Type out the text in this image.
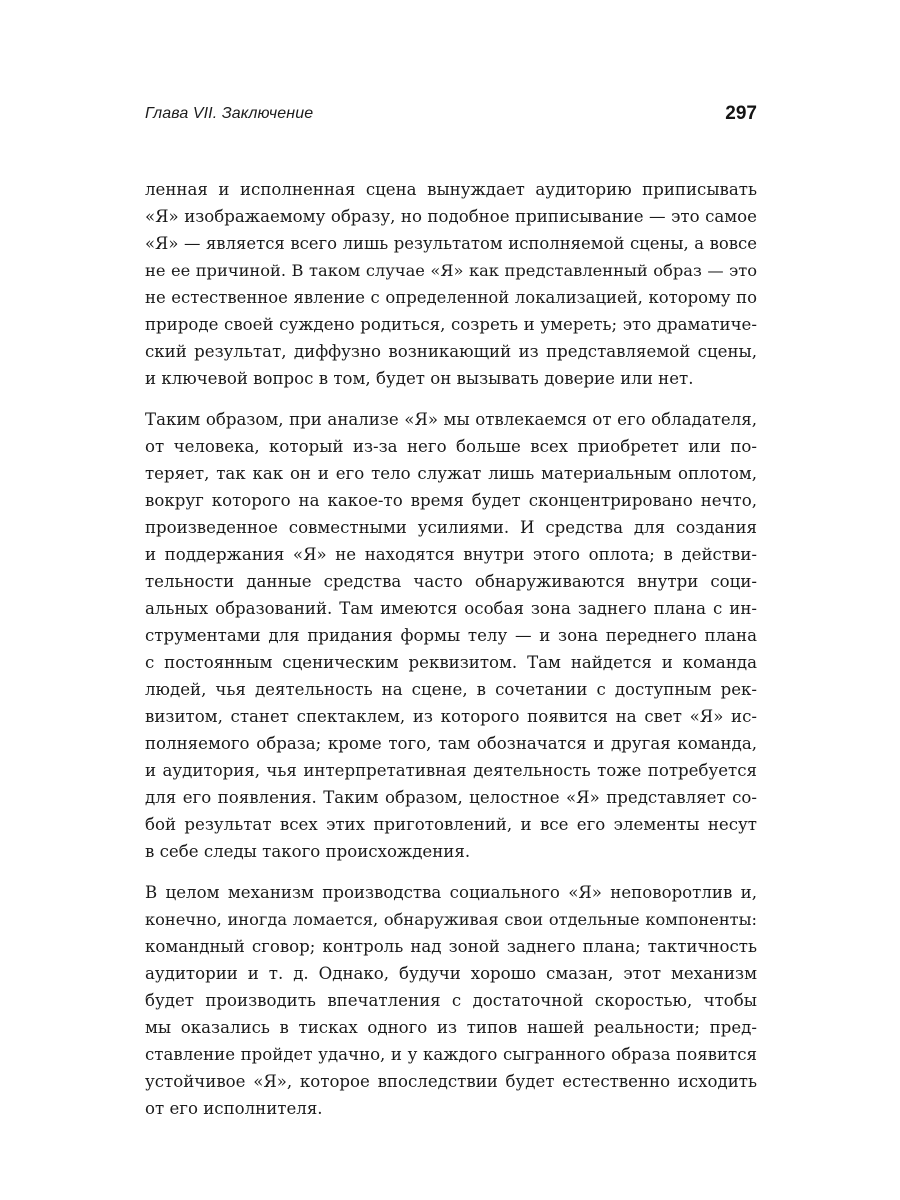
Глава VII. Заключение	297

ленная и исполненная сцена вынуждает аудиторию приписывать
«Я» изображаемому образу, но подобное приписывание — это самое
«Я» — является всего лишь результатом исполняемой сцены, а вовсе
не ее причиной. В таком случае «Я» как представленный образ — это
не естественное явление с определенной локализацией, которому по
природе своей суждено родиться, созреть и умереть; это драматиче-
ский результат, диффузно возникающий из представляемой сцены,
и ключевой вопрос в том, будет он вызывать доверие или нет.

Таким образом, при анализе «Я» мы отвлекаемся от его обладателя,
от человека, который из-за него больше всех приобретет или по-
теряет, так как он и его тело служат лишь материальным оплотом,
вокруг которого на какое-то время будет сконцентрировано нечто,
произведенное совместными усилиями. И средства для создания
и поддержания «Я» не находятся внутри этого оплота; в действи-
тельности данные средства часто обнаруживаются внутри соци-
альных образований. Там имеются особая зона заднего плана с ин-
струментами для придания формы телу — и зона переднего плана
с постоянным сценическим реквизитом. Там найдется и команда
людей, чья деятельность на сцене, в сочетании с доступным рек-
визитом, станет спектаклем, из которого появится на свет «Я» ис-
полняемого образа; кроме того, там обозначатся и другая команда,
и аудитория, чья интерпретативная деятельность тоже потребуется
для его появления. Таким образом, целостное «Я» представляет со-
бой результат всех этих приготовлений, и все его элементы несут
в себе следы такого происхождения.

В целом механизм производства социального «Я» неповоротлив и,
конечно, иногда ломается, обнаруживая свои отдельные компоненты:
командный сговор; контроль над зоной заднего плана; тактичность
аудитории и т. д. Однако, будучи хорошо смазан, этот механизм
будет производить впечатления с достаточной скоростью, чтобы
мы оказались в тисках одного из типов нашей реальности; пред-
ставление пройдет удачно, и у каждого сыгранного образа появится
устойчивое «Я», которое впоследствии будет естественно исходить
от его исполнителя.
